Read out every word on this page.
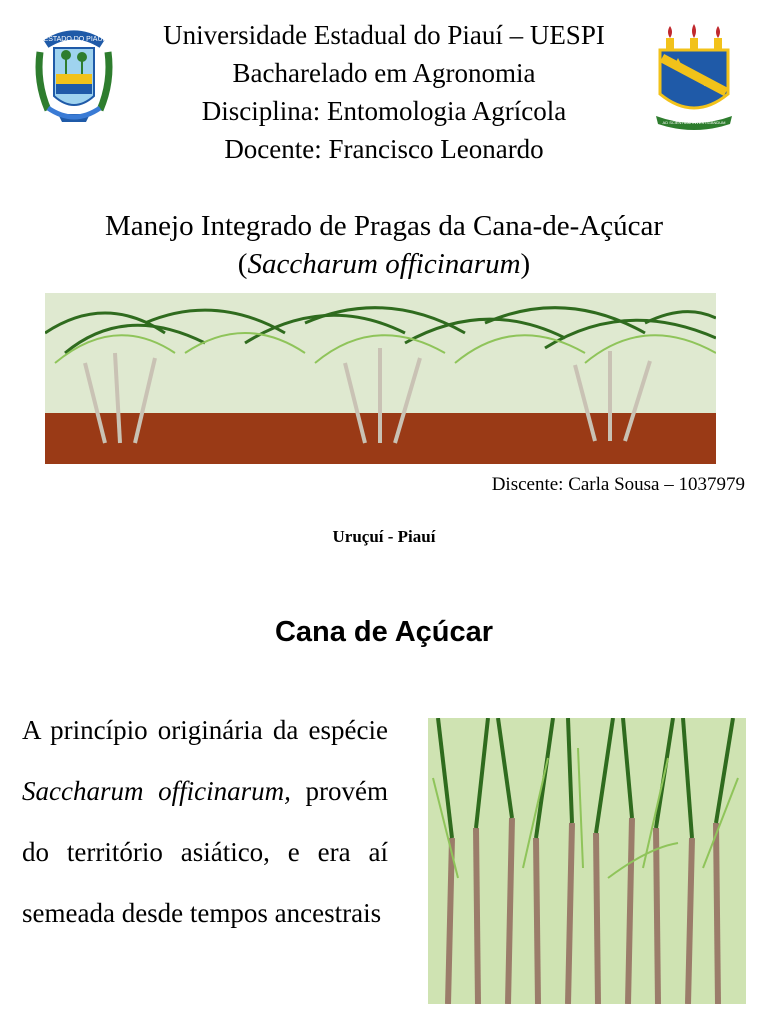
ESTADO DO PIAUÍ	Universidade Estadual do Piauí – UESPI
Bacharelado em Agronomia
Disciplina: Entomologia Agrícola
Docente: Francisco Leonardo
AD SCIENTIAM INVESTIGANDUM
Manejo Integrado de Pragas da Cana-de-Açúcar
(Saccharum officinarum)
Discente: Carla Sousa – 1037979
Uruçuí - Piauí
Cana de Açúcar
A princípio originária da espécie Saccharum officinarum, provém do território asiático, e era aí semeada desde tempos ancestrais
